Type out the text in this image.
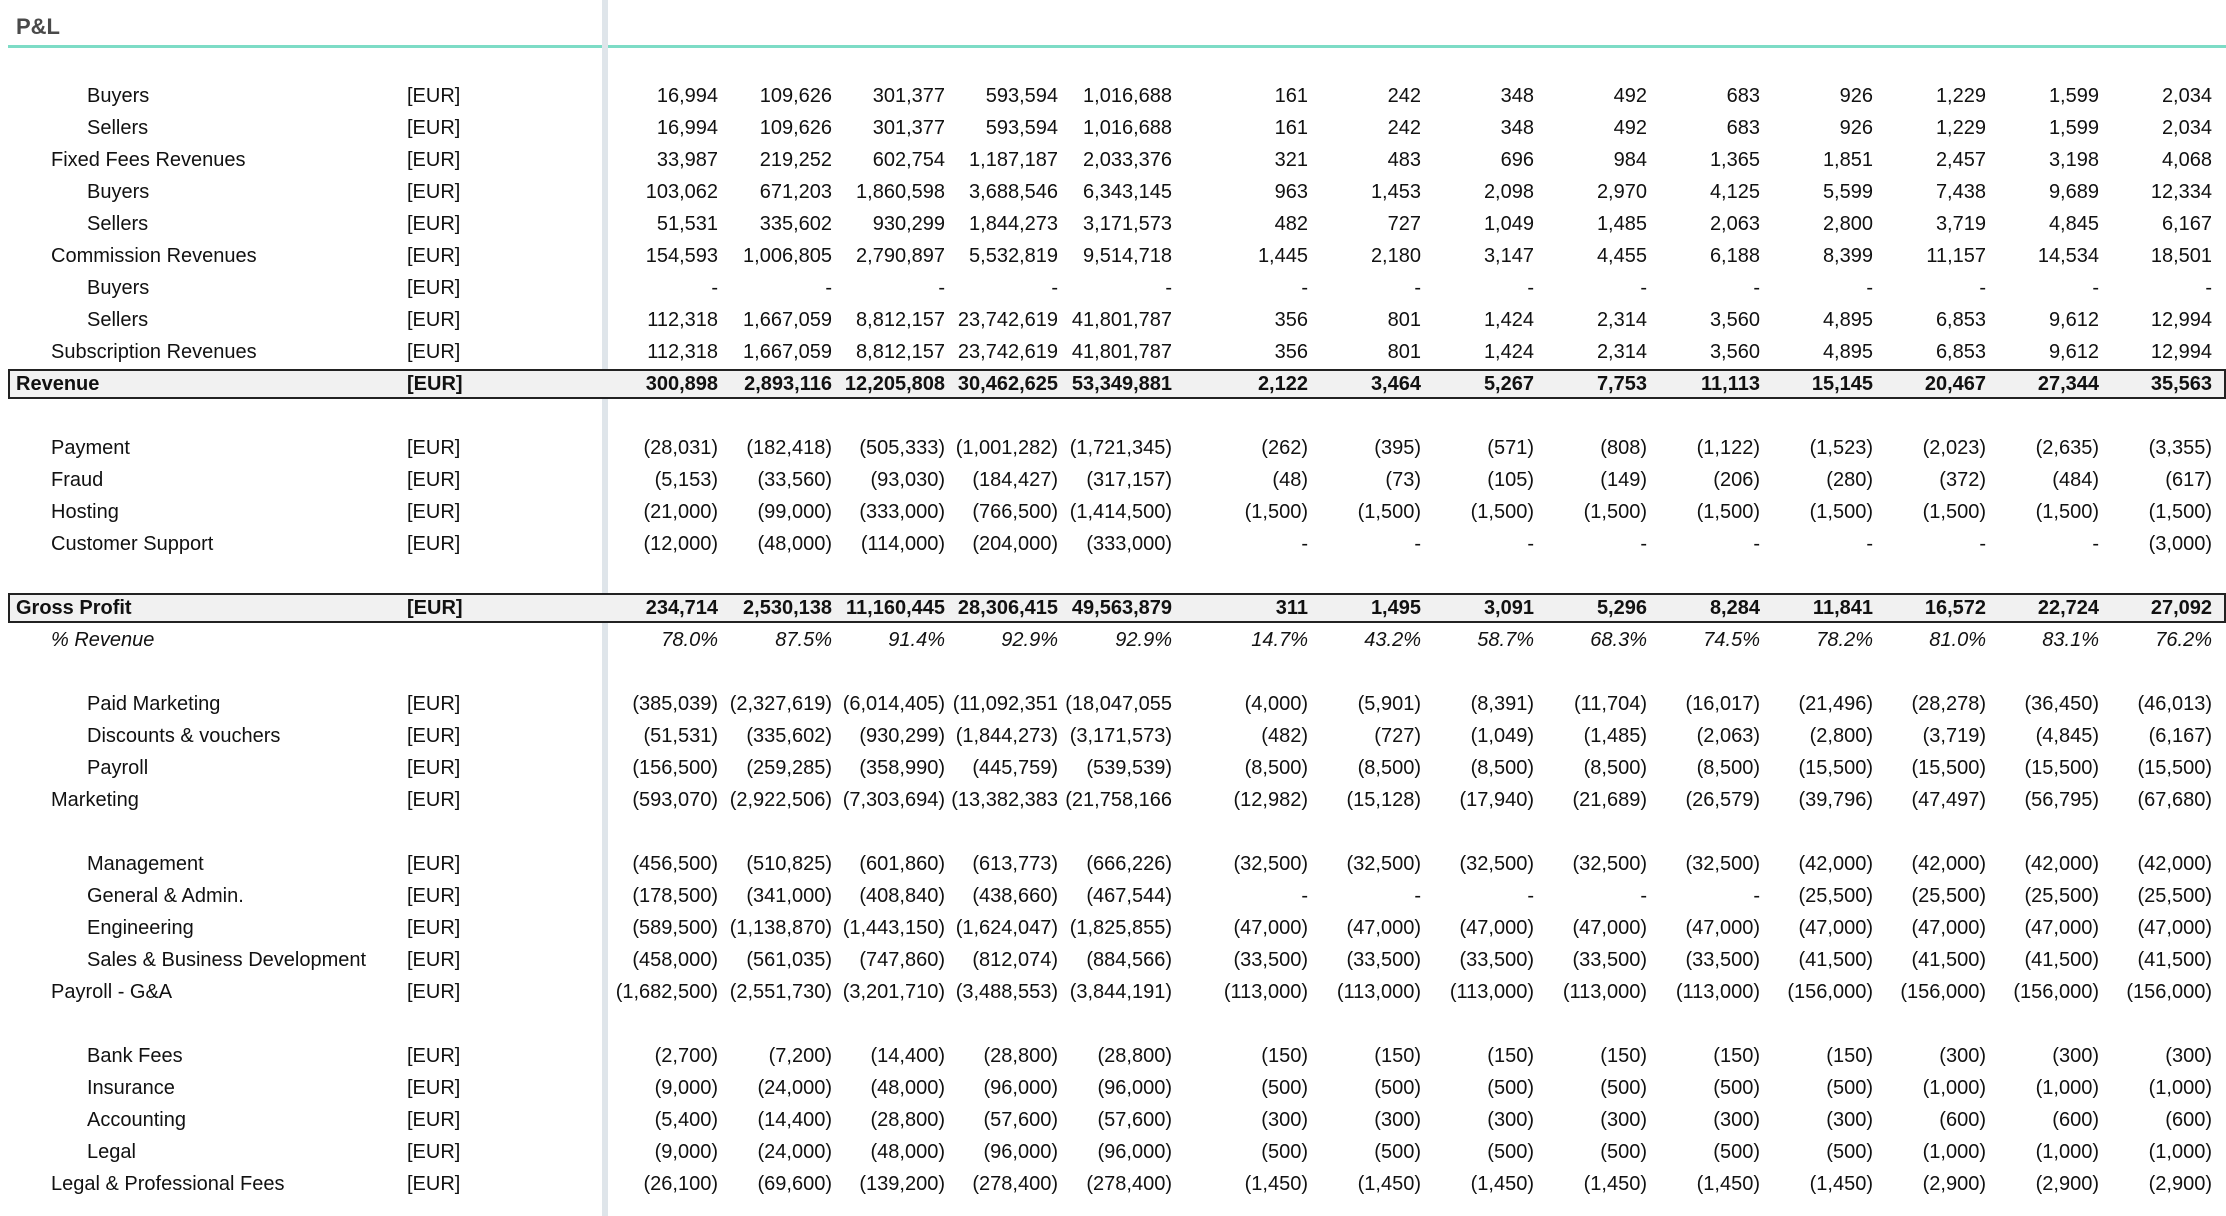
P&L
Buyers	[EUR]	16,994 109,626 301,377 593,594 1,016,688	161	242	348	492	683	926	1,229	1,599	2,034
Sellers	[EUR]	16,994 109,626 301,377 593,594 1,016,688	161	242	348	492	683	926	1,229	1,599	2,034
Fixed Fees Revenues	[EUR]	33,987 219,252 602,754 1,187,187 2,033,376	321	483	696	984	1,365	1,851	2,457	3,198	4,068
Buyers	[EUR]	103,062 671,203 1,860,598 3,688,546 6,343,145	963	1,453	2,098	2,970	4,125	5,599	7,438	9,689	12,334
Sellers	[EUR]	51,531 335,602 930,299 1,844,273 3,171,573	482	727	1,049	1,485	2,063	2,800	3,719	4,845	6,167
Commission Revenues	[EUR]	154,593 1,006,805 2,790,897 5,532,819 9,514,718	1,445	2,180	3,147	4,455	6,188	8,399	11,157	14,534	18,501
Buyers	[EUR]	-	-	-	-	-	-	-	-	-	-	-	-	-	-
Sellers	[EUR]	112,318 1,667,059 8,812,157 23,742,619 41,801,787	356	801	1,424	2,314	3,560	4,895	6,853	9,612	12,994
Subscription Revenues	[EUR]	112,318 1,667,059 8,812,157 23,742,619 41,801,787	356	801	1,424	2,314	3,560	4,895	6,853	9,612	12,994
Revenue	[EUR]	300,898 2,893,116 12,205,808 30,462,625 53,349,881	2,122	3,464	5,267	7,753	11,113	15,145	20,467	27,344	35,563
Payment	[EUR]	(28,031) (182,418) (505,333) (1,001,282) (1,721,345)	(262)	(395)	(571)	(808) (1,122) (1,523) (2,023) (2,635) (3,355)
Fraud	[EUR]	(5,153) (33,560) (93,030) (184,427) (317,157)	(48)	(73)	(105)	(149)	(206)	(280)	(372)	(484)	(617)
Hosting	[EUR]	(21,000) (99,000) (333,000) (766,500) (1,414,500)	(1,500) (1,500) (1,500) (1,500) (1,500) (1,500) (1,500) (1,500) (1,500)
Customer Support	[EUR]	(12,000) (48,000) (114,000) (204,000) (333,000)	-	-	-	-	-	-	-	- (3,000)
Gross Profit	[EUR]	234,714 2,530,138 11,160,445 28,306,415 49,563,879	311	1,495	3,091	5,296	8,284	11,841	16,572	22,724	27,092
% Revenue	78.0%	87.5%	91.4%	92.9%	92.9%	14.7%	43.2%	58.7%	68.3%	74.5%	78.2%	81.0%	83.1%	76.2%
Paid Marketing	[EUR]	(385,039) (2,327,619) (6,014,405) (11,092,351 (18,047,055	(4,000) (5,901) (8,391) (11,704) (16,017) (21,496) (28,278) (36,450) (46,013)
Discounts & vouchers	[EUR]	(51,531) (335,602) (930,299) (1,844,273) (3,171,573)	(482)	(727) (1,049) (1,485) (2,063) (2,800) (3,719) (4,845) (6,167)
Payroll	[EUR]	(156,500) (259,285) (358,990) (445,759) (539,539)	(8,500) (8,500) (8,500) (8,500) (8,500) (15,500) (15,500) (15,500) (15,500)
Marketing	[EUR]	(593,070) (2,922,506) (7,303,694) (13,382,383 (21,758,166	(12,982) (15,128) (17,940) (21,689) (26,579) (39,796) (47,497) (56,795) (67,680)
Management	[EUR]	(456,500) (510,825) (601,860) (613,773) (666,226)	(32,500) (32,500) (32,500) (32,500) (32,500) (42,000) (42,000) (42,000) (42,000)
General & Admin.	[EUR]	(178,500) (341,000) (408,840) (438,660) (467,544)	-	-	-	-	- (25,500) (25,500) (25,500) (25,500)
Engineering	[EUR]	(589,500) (1,138,870) (1,443,150) (1,624,047) (1,825,855)	(47,000) (47,000) (47,000) (47,000) (47,000) (47,000) (47,000) (47,000) (47,000)
Sales & Business Development [EUR]	(458,000) (561,035) (747,860) (812,074) (884,566)	(33,500) (33,500) (33,500) (33,500) (33,500) (41,500) (41,500) (41,500) (41,500)
Payroll - G&A	[EUR]	(1,682,500) (2,551,730) (3,201,710) (3,488,553) (3,844,191)	(113,000) (113,000) (113,000) (113,000) (113,000) (156,000) (156,000) (156,000) (156,000)
Bank Fees	[EUR]	(2,700)	(7,200) (14,400) (28,800) (28,800)	(150)	(150)	(150)	(150)	(150)	(150)	(300)	(300)	(300)
Insurance	[EUR]	(9,000) (24,000) (48,000) (96,000) (96,000)	(500)	(500)	(500)	(500)	(500)	(500) (1,000) (1,000) (1,000)
Accounting	[EUR]	(5,400) (14,400) (28,800) (57,600) (57,600)	(300)	(300)	(300)	(300)	(300)	(300)	(600)	(600)	(600)
Legal	[EUR]	(9,000) (24,000) (48,000) (96,000) (96,000)	(500)	(500)	(500)	(500)	(500)	(500) (1,000) (1,000) (1,000)
Legal & Professional Fees	[EUR]	(26,100) (69,600) (139,200) (278,400) (278,400)	(1,450) (1,450) (1,450) (1,450) (1,450) (1,450) (2,900) (2,900) (2,900)
